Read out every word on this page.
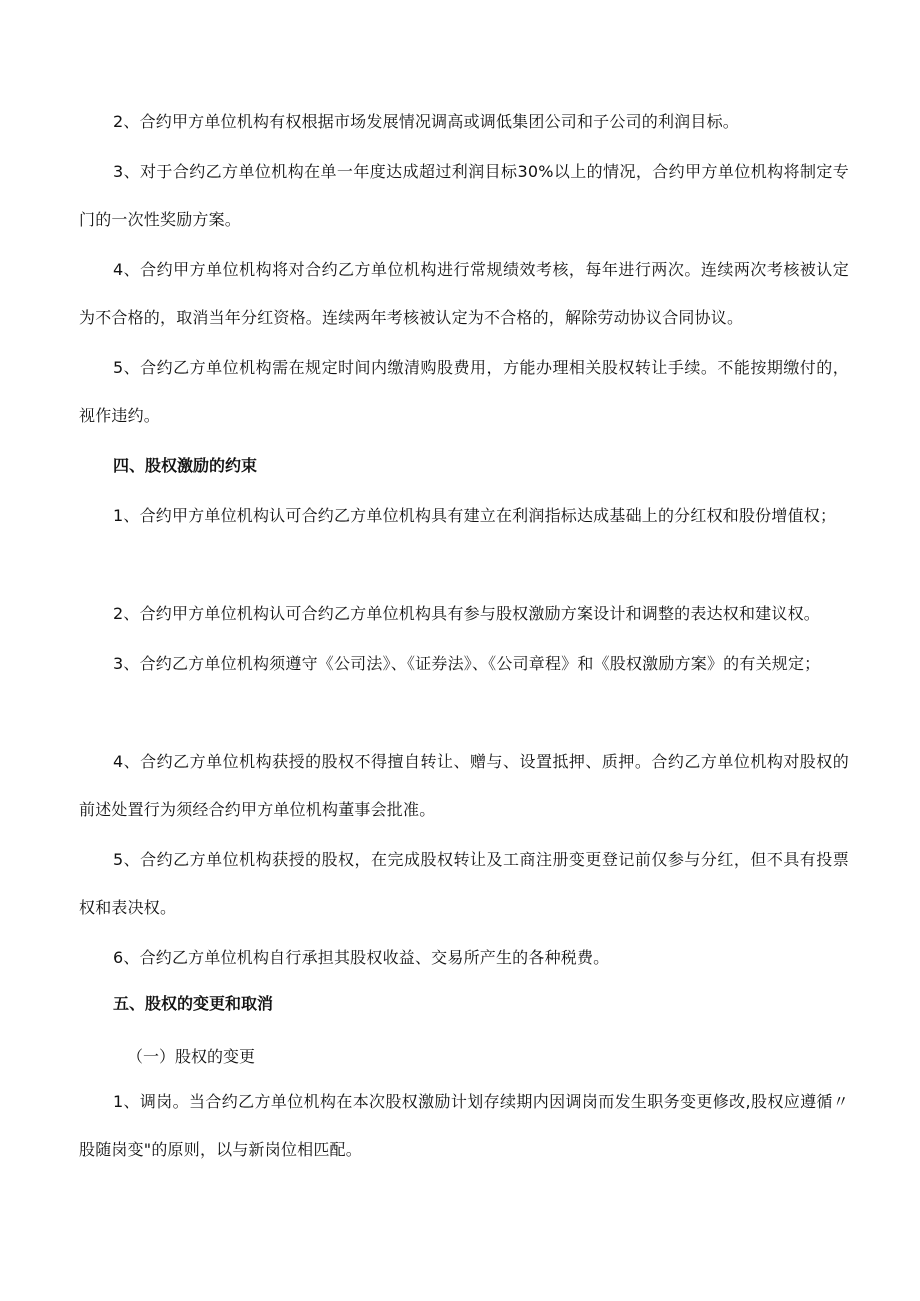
2、合约甲方单位机构有权根据市场发展情况调高或调低集团公司和子公司的利润目标。

3、对于合约乙方单位机构在单一年度达成超过利润目标30%以上的情况，合约甲方单位机构将制定专门的一次性奖励方案。

4、合约甲方单位机构将对合约乙方单位机构进行常规绩效考核，每年进行两次。连续两次考核被认定为不合格的，取消当年分红资格。连续两年考核被认定为不合格的，解除劳动协议合同协议。

5、合约乙方单位机构需在规定时间内缴清购股费用，方能办理相关股权转让手续。不能按期缴付的，视作违约。

四、股权激励的约束

1、合约甲方单位机构认可合约乙方单位机构具有建立在利润指标达成基础上的分红权和股份增值权；

2、合约甲方单位机构认可合约乙方单位机构具有参与股权激励方案设计和调整的表达权和建议权。

3、合约乙方单位机构须遵守《公司法》、《证券法》、《公司章程》和《股权激励方案》的有关规定；

4、合约乙方单位机构获授的股权不得擅自转让、赠与、设置抵押、质押。合约乙方单位机构对股权的前述处置行为须经合约甲方单位机构董事会批准。

5、合约乙方单位机构获授的股权，在完成股权转让及工商注册变更登记前仅参与分红，但不具有投票权和表决权。

6、合约乙方单位机构自行承担其股权收益、交易所产生的各种税费。

五、股权的变更和取消
（一）股权的变更

1、调岗。当合约乙方单位机构在本次股权激励计划存续期内因调岗而发生职务变更修改,股权应遵循〃股随岗变"的原则，以与新岗位相匹配。
